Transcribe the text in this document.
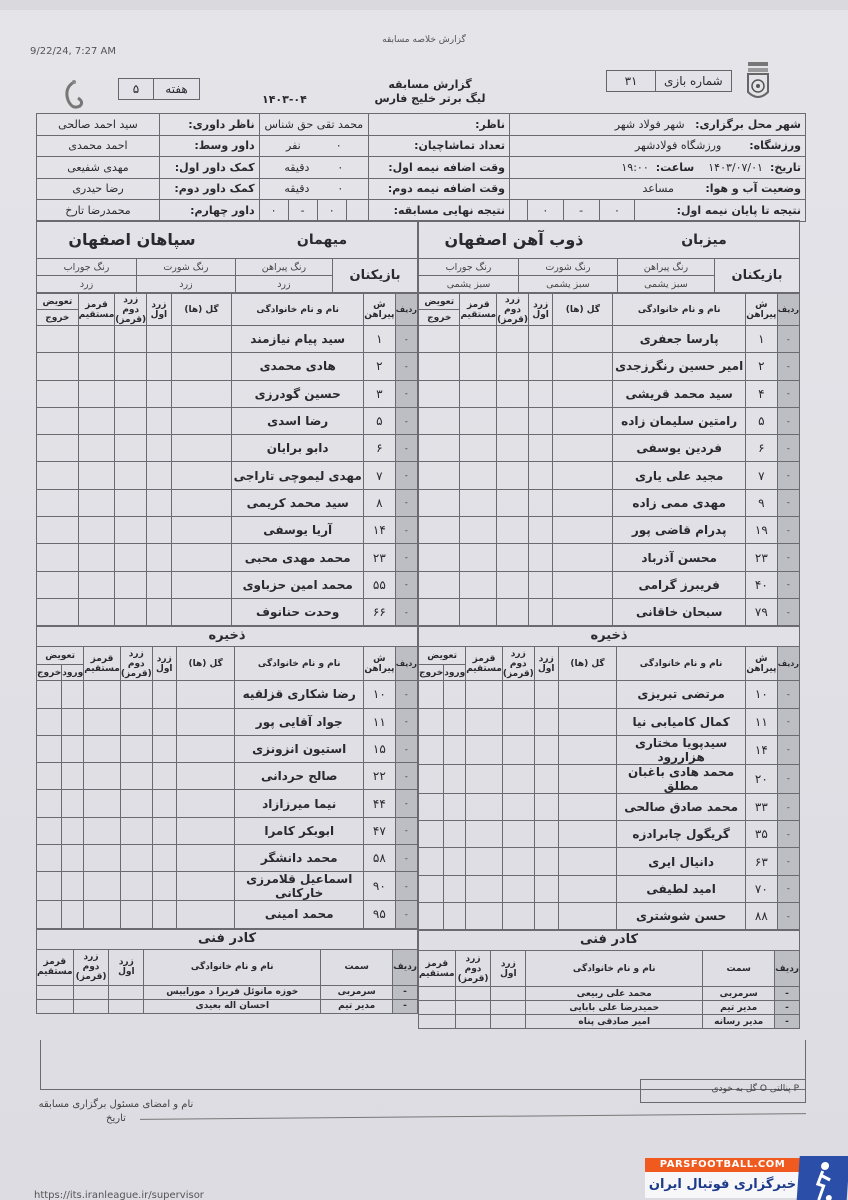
گزارش خلاصه مسابقه
9/22/24, 7:27 AM
شماره بازی
۳۱
گزارش مسابقه
لیگ برتر خلیج فارس
۱۴۰۳-۰۴
هفته
۵
شهر محل برگزاری:   شهر فولاد شهر					ناظر:	محمد تقی حق شناس				ناظر داوری:	سید احمد صالحی
ورزشگاه:        ورزشگاه فولادشهر					تعداد تماشاچیان:	۰          نفر				داور وسط:	احمد محمدی
تاریخ:  ۱۴۰۳/۰۷/۰۱    ساعت:  ۱۹:۰۰					وقت اضافه نیمه اول:	۰        دقیقه				کمک داور اول:	مهدی شفیعی
وضعیت آب و هوا:         مساعد					وقت اضافه نیمه دوم:	۰        دقیقه				کمک داور دوم:	رضا حیدری
نتیجه تا پایان نیمه اول:	۰	-	۰		نتیجه نهایی مسابقه:		۰	-	۰	داور چهارم:	محمدرضا تارخ
میزبان
ذوب آهن اصفهان
بازیکنان	رنگ پیراهن	رنگ شورت	رنگ جوراب
	سبز یشمی	سبز یشمی	سبز یشمی
ردیف	ش پیراهن	نام و نام خانوادگی	گل (ها)	زرد اول	زرد دوم (قرمز)	قرمز مستقیم	تعویض
							خروج
-	۱	پارسا جعفری					
-	۲	امیر حسین رنگرزجدی					
-	۴	سید محمد قریشی					
-	۵	رامتین سلیمان زاده					
-	۶	فردین یوسفی					
-	۷	مجید علی یاری					
-	۹	مهدی ممی زاده					
-	۱۹	پدرام قاضی پور					
-	۲۳	محسن آذرباد					
-	۴۰	فریبرز گرامی					
-	۷۹	سبحان خاقانی					
ذخیره
ردیف	ش پیراهن	نام و نام خانوادگی	گل (ها)	زرد اول	زرد دوم (قرمز)	قرمز مستقیم	تعویض	
							ورود	خروج
-	۱۰	مرتضی تبریزی						
-	۱۱	کمال کامیابی نیا						
-	۱۴	سیدپویا مختاری هزاررود						
-	۲۰	محمد هادی باغبان مطلق						
-	۳۳	محمد صادق صالحی						
-	۳۵	گریگول چابرادزه						
-	۶۳	دانیال ایری						
-	۷۰	امید لطیفی						
-	۸۸	حسن شوشتری						
کادر فنی
ردیف	سمت	نام و نام خانوادگی	زرد اول	زرد دوم (قرمز)	قرمز مستقیم
-	سرمربی	محمد علی ربیعی			
-	مدیر تیم	حمیدرضا علی بابایی			
-	مدیر رسانه	امیر صادقی پناه			
میهمان
سپاهان اصفهان
بازیکنان	رنگ پیراهن	رنگ شورت	رنگ جوراب
	زرد	زرد	زرد
ردیف	ش پیراهن	نام و نام خانوادگی	گل (ها)	زرد اول	زرد دوم (قرمز)	قرمز مستقیم	تعویض
							خروج
-	۱	سید پیام نیازمند					
-	۲	هادی محمدی					
-	۳	حسین گودرزی					
-	۵	رضا اسدی					
-	۶	دابو برایان					
-	۷	مهدی لیموچی تاراجی					
-	۸	سید محمد کریمی					
-	۱۴	آریا یوسفی					
-	۲۳	محمد مهدی محبی					
-	۵۵	محمد امین حزباوی					
-	۶۶	وحدت حنانوف					
ذخیره
ردیف	ش پیراهن	نام و نام خانوادگی	گل (ها)	زرد اول	زرد دوم (قرمز)	قرمز مستقیم	تعویض	
							ورود	خروج
-	۱۰	رضا شکاری قزلقیه						
-	۱۱	جواد آقایی پور						
-	۱۵	استیون انزونزی						
-	۲۲	صالح حردانی						
-	۴۴	نیما میرزازاد						
-	۴۷	ابوبکر کامرا						
-	۵۸	محمد دانشگر						
-	۹۰	اسماعیل قلامرزی خارکانی						
-	۹۵	محمد امینی						
کادر فنی
ردیف	سمت	نام و نام خانوادگی	زرد اول	زرد دوم (قرمز)	قرمز مستقیم
-	سرمربی	خوزه مانوئل فریرا د موراییس			
-	مدیر تیم	احسان اله بعیدی			
P پنالتی O گل به خودی
نام و امضای مسئول برگزاری مسابقه
تاریخ
https://its.iranleague.ir/supervisor
PARSFOOTBALL.COM
خبرگزاری فوتبال ایران
